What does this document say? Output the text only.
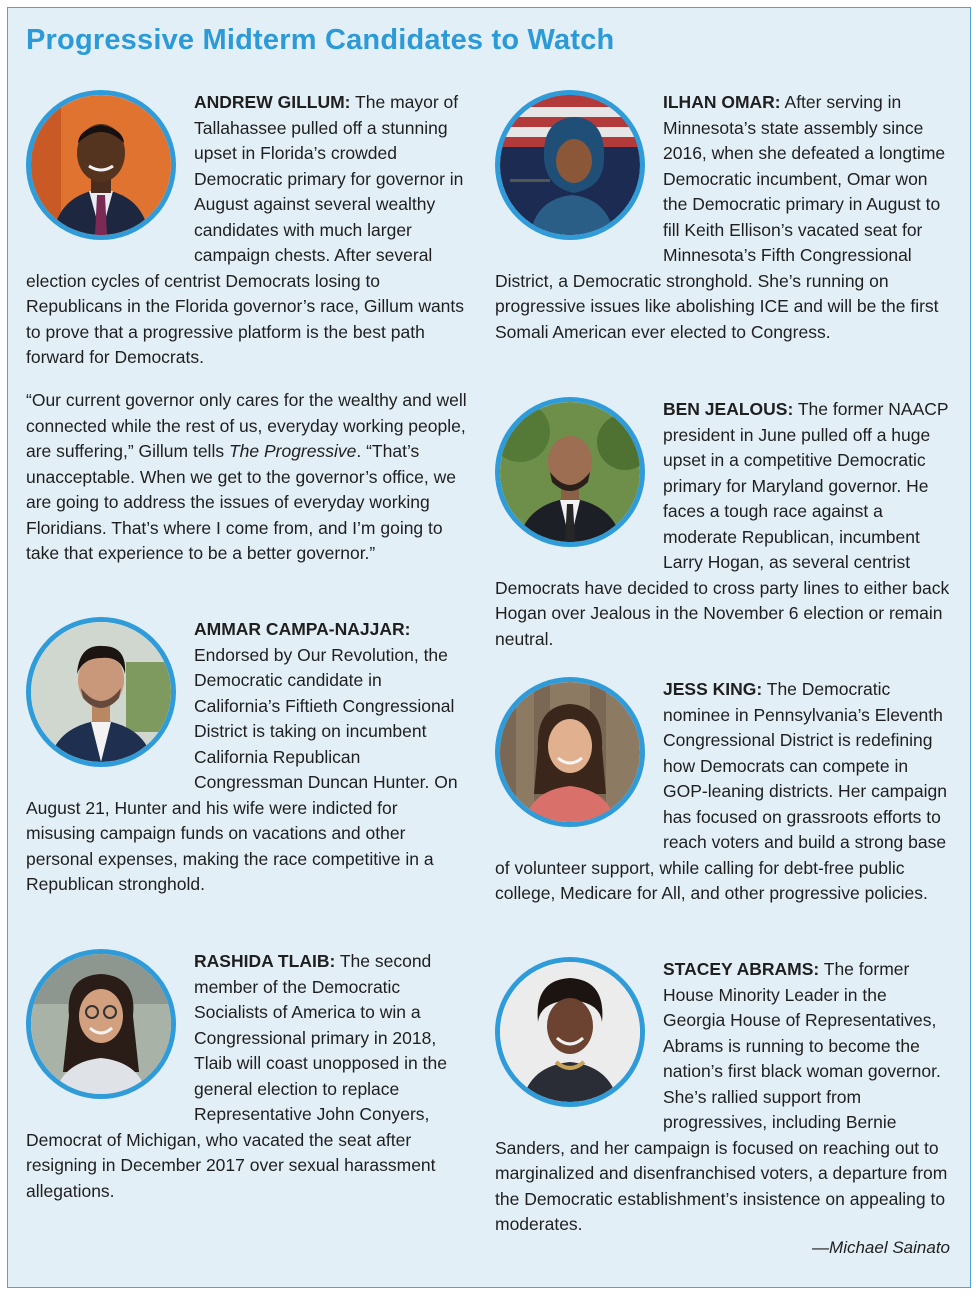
Progressive Midterm Candidates to Watch

ANDREW GILLUM: The mayor of Tallahassee pulled off a stunning upset in Florida’s crowded Democratic primary for governor in August against several wealthy candidates with much larger campaign chests. After several election cycles of centrist Democrats losing to Republicans in the Florida governor’s race, Gillum wants to prove that a progressive platform is the best path forward for Democrats.

“Our current governor only cares for the wealthy and well connected while the rest of us, everyday working people, are suffering,” Gillum tells The Progressive. “That’s unacceptable. When we get to the governor’s office, we are going to address the issues of everyday working Floridians. That’s where I come from, and I’m going to take that experience to be a better governor.”

AMMAR CAMPA-NAJJAR: Endorsed by Our Revolution, the Democratic candidate in California’s Fiftieth Congressional District is taking on incumbent California Republican Congressman Duncan Hunter. On August 21, Hunter and his wife were indicted for misusing campaign funds on vacations and other personal expenses, making the race competitive in a Republican stronghold.

RASHIDA TLAIB: The second member of the Democratic Socialists of America to win a Congressional primary in 2018, Tlaib will coast unopposed in the general election to replace Representative John Conyers, Democrat of Michigan, who vacated the seat after resigning in December 2017 over sexual harassment allegations.

ILHAN OMAR: After serving in Minnesota’s state assembly since 2016, when she defeated a longtime Democratic incumbent, Omar won the Democratic primary in August to fill Keith Ellison’s vacated seat for Minnesota’s Fifth Congressional District, a Democratic stronghold. She’s running on progressive issues like abolishing ICE and will be the first Somali American ever elected to Congress.

BEN JEALOUS: The former NAACP president in June pulled off a huge upset in a competitive Democratic primary for Maryland governor. He faces a tough race against a moderate Republican, incumbent Larry Hogan, as several centrist Democrats have decided to cross party lines to either back Hogan over Jealous in the November 6 election or remain neutral.

JESS KING: The Democratic nominee in Pennsylvania’s Eleventh Congressional District is redefining how Democrats can compete in GOP-leaning districts. Her campaign has focused on grassroots efforts to reach voters and build a strong base of volunteer support, while calling for debt-free public college, Medicare for All, and other progressive policies.

STACEY ABRAMS: The former House Minority Leader in the Georgia House of Representatives, Abrams is running to become the nation’s first black woman governor. She’s rallied support from progressives, including Bernie Sanders, and her campaign is focused on reaching out to marginalized and disenfranchised voters, a departure from the Democratic establishment’s insistence on appealing to moderates.

—Michael Sainato
